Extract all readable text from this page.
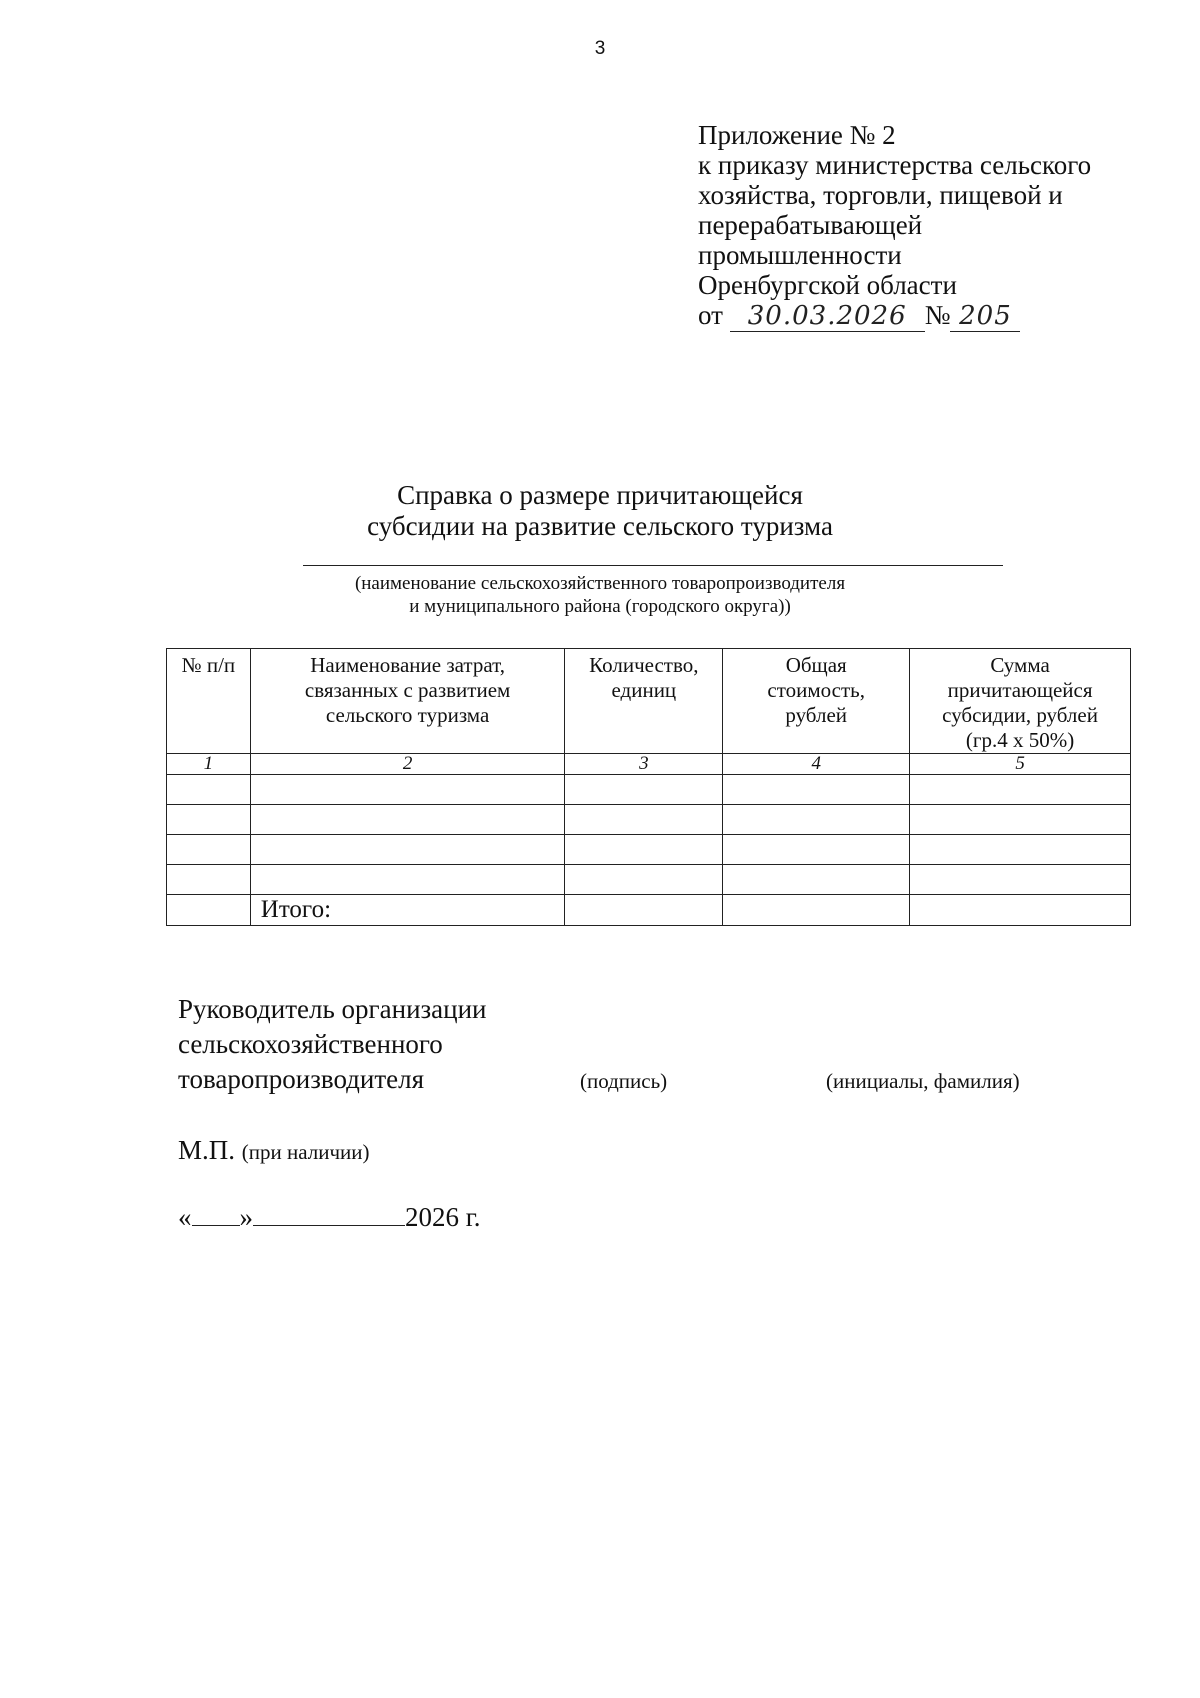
3
Приложение № 2
к приказу министерства сельского
хозяйства, торговли, пищевой и
перерабатывающей
промышленности
Оренбургской области
от 30.03.2026 № 205
Справка о размере причитающейся
субсидии на развитие сельского туризма
(наименование сельскохозяйственного товаропроизводителя
и муниципального района (городского округа))
№ п/п	Наименование затрат, связанных с развитием сельского туризма	Количество, единиц	Общая стоимость, рублей	Сумма причитающейся субсидии, рублей (гр.4 х 50%)
1	2	3	4	5

	Итого:			
Руководитель организации
сельскохозяйственного
товаропроизводителя	(подпись)	(инициалы, фамилия)
М.П. (при наличии)
« »	2026 г.
